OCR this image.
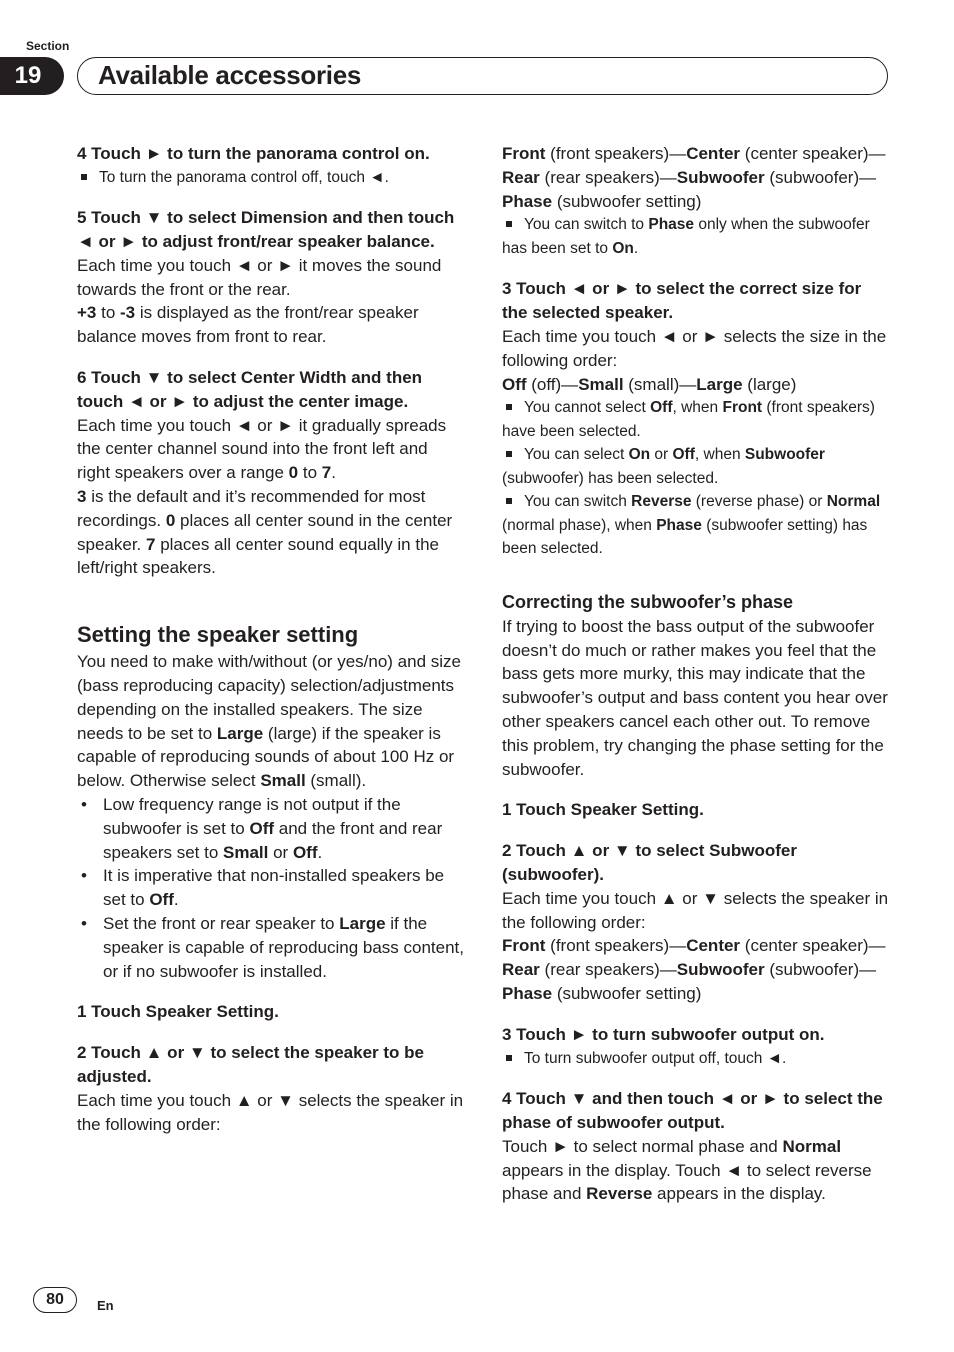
Section
19	Available accessories

4 Touch ► to turn the panorama control on.

To turn the panorama control off, touch ◄.

5 Touch ▼ to select Dimension and then touch ◄ or ► to adjust front/rear speaker balance.

Each time you touch ◄ or ► it moves the sound towards the front or the rear.

+3 to -3 is displayed as the front/rear speaker balance moves from front to rear.

6 Touch ▼ to select Center Width and then touch ◄ or ► to adjust the center image.

Each time you touch ◄ or ► it gradually spreads the center channel sound into the front left and right speakers over a range 0 to 7.

3 is the default and it’s recommended for most recordings. 0 places all center sound in the center speaker. 7 places all center sound equally in the left/right speakers.

Setting the speaker setting

You need to make with/without (or yes/no) and size (bass reproducing capacity) selection/adjustments depending on the installed speakers. The size needs to be set to Large (large) if the speaker is capable of reproducing sounds of about 100 Hz or below. Otherwise select Small (small).

• Low frequency range is not output if the subwoofer is set to Off and the front and rear speakers set to Small or Off.
• It is imperative that non-installed speakers be set to Off.
• Set the front or rear speaker to Large if the speaker is capable of reproducing bass content, or if no subwoofer is installed.

1 Touch Speaker Setting.

2 Touch ▲ or ▼ to select the speaker to be adjusted.

Each time you touch ▲ or ▼ selects the speaker in the following order:

Front (front speakers)—Center (center speaker)—Rear (rear speakers)—Subwoofer (subwoofer)—Phase (subwoofer setting)

You can switch to Phase only when the subwoofer has been set to On.

3 Touch ◄ or ► to select the correct size for the selected speaker.

Each time you touch ◄ or ► selects the size in the following order:

Off (off)—Small (small)—Large (large)

You cannot select Off, when Front (front speakers) have been selected.

You can select On or Off, when Subwoofer (subwoofer) has been selected.

You can switch Reverse (reverse phase) or Normal (normal phase), when Phase (subwoofer setting) has been selected.

Correcting the subwoofer’s phase

If trying to boost the bass output of the subwoofer doesn’t do much or rather makes you feel that the bass gets more murky, this may indicate that the subwoofer’s output and bass content you hear over other speakers cancel each other out. To remove this problem, try changing the phase setting for the subwoofer.

1 Touch Speaker Setting.

2 Touch ▲ or ▼ to select Subwoofer (subwoofer).

Each time you touch ▲ or ▼ selects the speaker in the following order:

Front (front speakers)—Center (center speaker)—Rear (rear speakers)—Subwoofer (subwoofer)—Phase (subwoofer setting)

3 Touch ► to turn subwoofer output on.

To turn subwoofer output off, touch ◄.

4 Touch ▼ and then touch ◄ or ► to select the phase of subwoofer output.

Touch ► to select normal phase and Normal appears in the display. Touch ◄ to select reverse phase and Reverse appears in the display.

80	En
